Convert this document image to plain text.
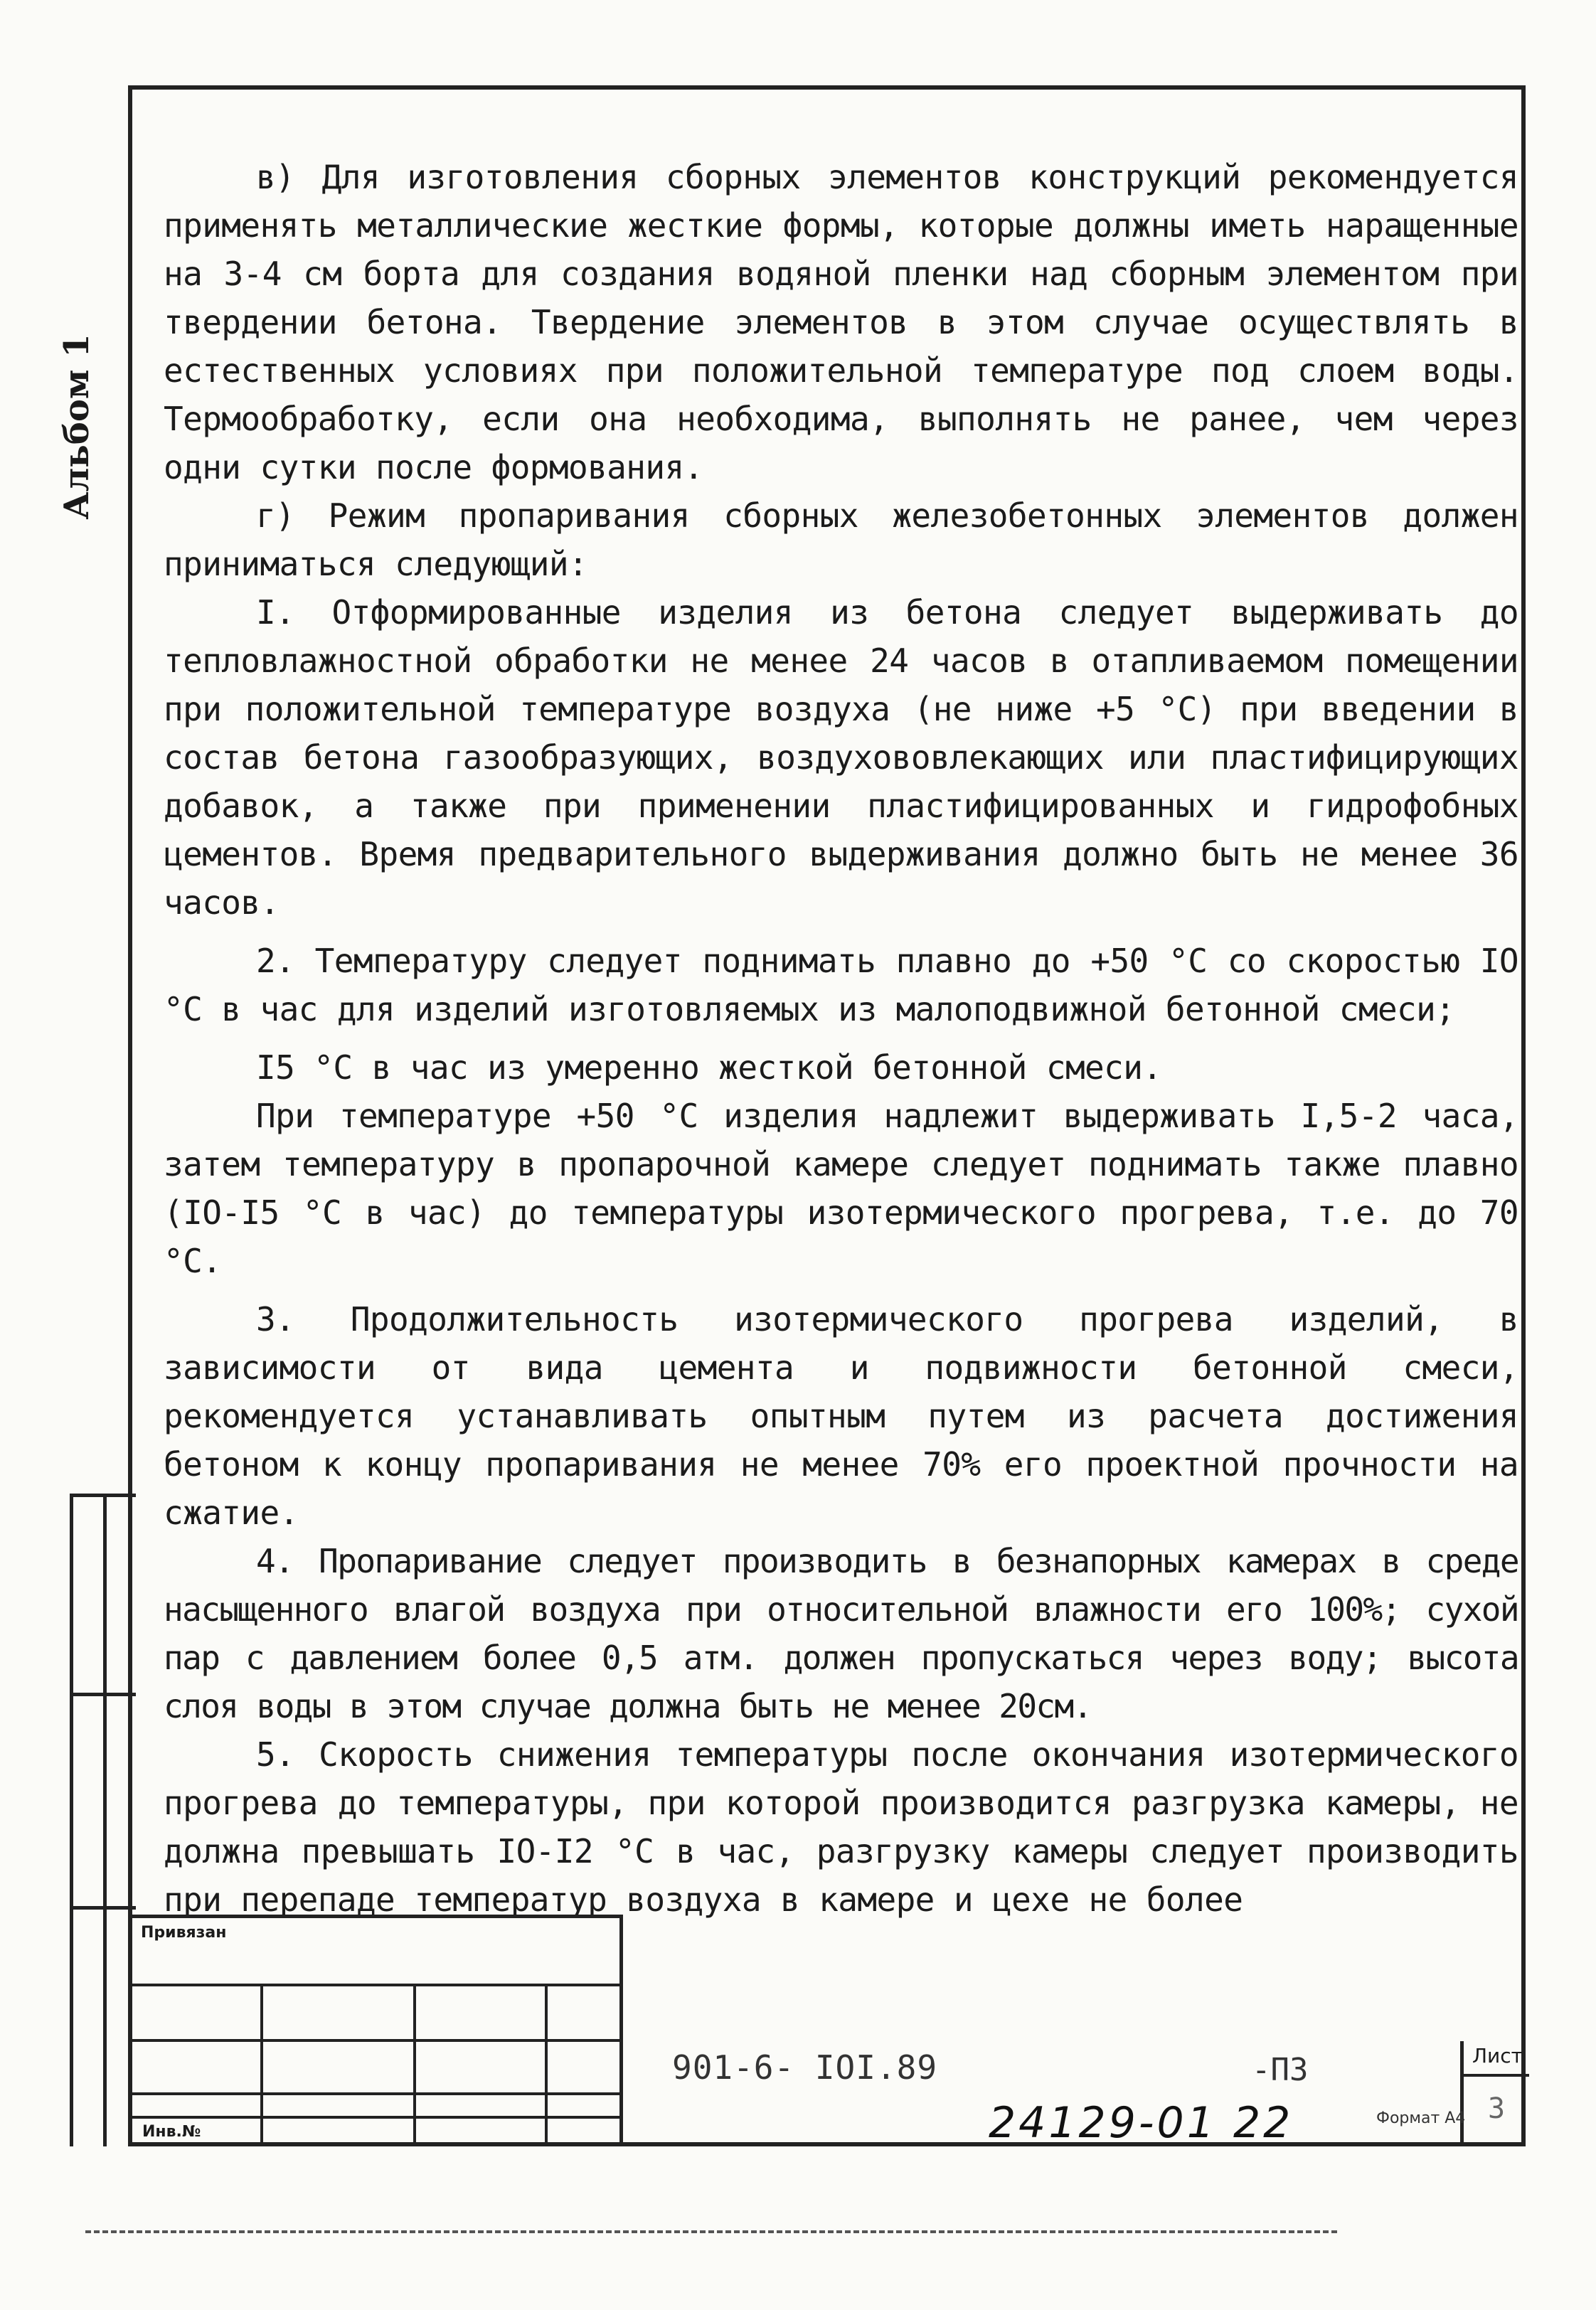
Альбом 1

в) Для изготовления сборных элементов конструкций рекомендуется применять металлические жесткие формы, которые должны иметь наращенные на 3-4 см борта для создания водяной пленки над сборным элементом при твердении бетона. Твердение элементов в этом случае осуществлять в естественных условиях при положительной температуре под слоем воды. Термообработку, если она необходима, выполнять не ранее, чем через одни сутки после формования.

г) Режим пропаривания сборных железобетонных элементов должен приниматься следующий:

I. Отформированные изделия из бетона следует выдерживать до тепловлажностной обработки не менее 24 часов в отапливаемом помещении при положительной температуре воздуха (не ниже +5 °С) при введении в состав бетона газообразующих, воздухововлекающих или пластифицирующих добавок, а также при применении пластифицированных и гидрофобных цементов. Время предварительного выдерживания должно быть не менее 36 часов.

2. Температуру следует поднимать плавно до +50 °С со скоростью IO °С в час для изделий изготовляемых из малоподвижной бетонной смеси;

I5 °С в час из умеренно жесткой бетонной смеси.

При температуре +50 °С изделия надлежит выдерживать I,5-2 часа, затем температуру в пропарочной камере следует поднимать также плавно (IO-I5 °С в час) до температуры изотермического прогрева, т.е. до 70 °С.

3. Продолжительность изотермического прогрева изделий, в зависимости от вида цемента и подвижности бетонной смеси, рекомендуется устанавливать опытным путем из расчета достижения бетоном к концу пропаривания не менее 70% его проектной прочности на сжатие.

4. Пропаривание следует производить в безнапорных камерах в среде насыщенного влагой воздуха при относительной влажности его 100%; сухой пар с давлением более 0,5 атм. должен пропускаться через воду; высота слоя воды в этом случае должна быть не менее 20см.

5. Скорость снижения температуры после окончания изотермического прогрева до температуры, при которой производится разгрузка камеры, не должна превышать IO-I2 °С в час, разгрузку камеры следует производить при перепаде температур воздуха в камере и цехе не более

Привязан
Инв.№
901-6- IOI.89	-ПЗ	Лист
3
24129-01 22	Формат А4
